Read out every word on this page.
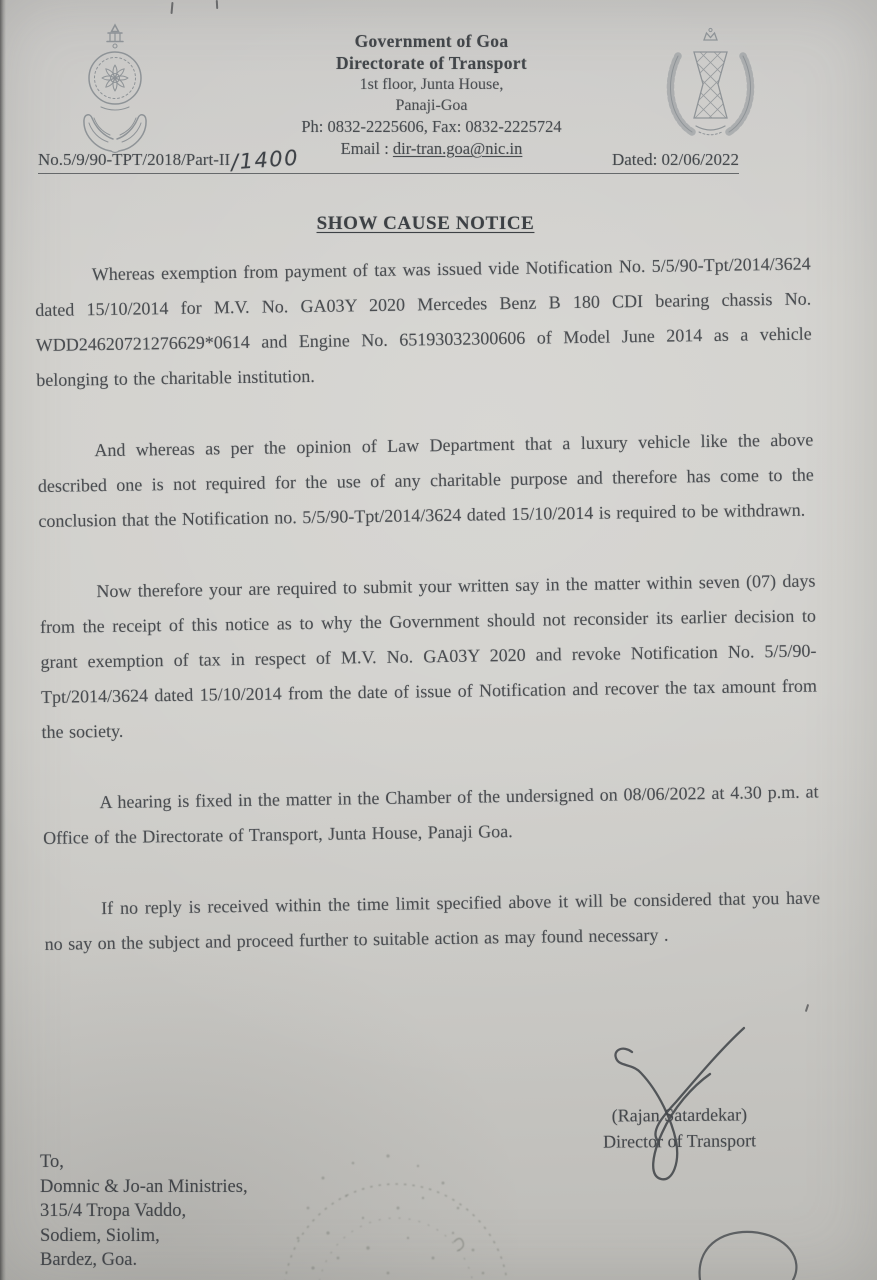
Government of Goa
Directorate of Transport
1st floor, Junta House,
Panaji-Goa
Ph: 0832-2225606, Fax: 0832-2225724
Email : dir-tran.goa@nic.in
No.5/9/90-TPT/2018/Part-II /1400	Dated: 02/06/2022
SHOW CAUSE NOTICE

Whereas exemption from payment of tax was issued vide Notification No. 5/5/90-Tpt/2014/3624 dated 15/10/2014 for M.V. No. GA03Y 2020 Mercedes Benz B 180 CDI bearing chassis No. WDD24620721276629*0614 and Engine No. 65193032300606 of Model June 2014 as a vehicle belonging to the charitable institution.

And whereas as per the opinion of Law Department that a luxury vehicle like the above described one is not required for the use of any charitable purpose and therefore has come to the conclusion that the Notification no. 5/5/90-Tpt/2014/3624 dated 15/10/2014 is required to be withdrawn.

Now therefore your are required to submit your written say in the matter within seven (07) days from the receipt of this notice as to why the Government should not reconsider its earlier decision to grant exemption of tax in respect of M.V. No. GA03Y 2020 and revoke Notification No. 5/5/90-Tpt/2014/3624 dated 15/10/2014 from the date of issue of Notification and recover the tax amount from the society.

A hearing is fixed in the matter in the Chamber of the undersigned on 08/06/2022 at 4.30 p.m. at Office of the Directorate of Transport, Junta House, Panaji Goa.

If no reply is received within the time limit specified above it will be considered that you have no say on the subject and proceed further to suitable action as may found necessary .

(Rajan Satardekar)
Director of Transport
To,
Domnic & Jo-an Ministries,
315/4 Tropa Vaddo,
Sodiem, Siolim,
Bardez, Goa.
